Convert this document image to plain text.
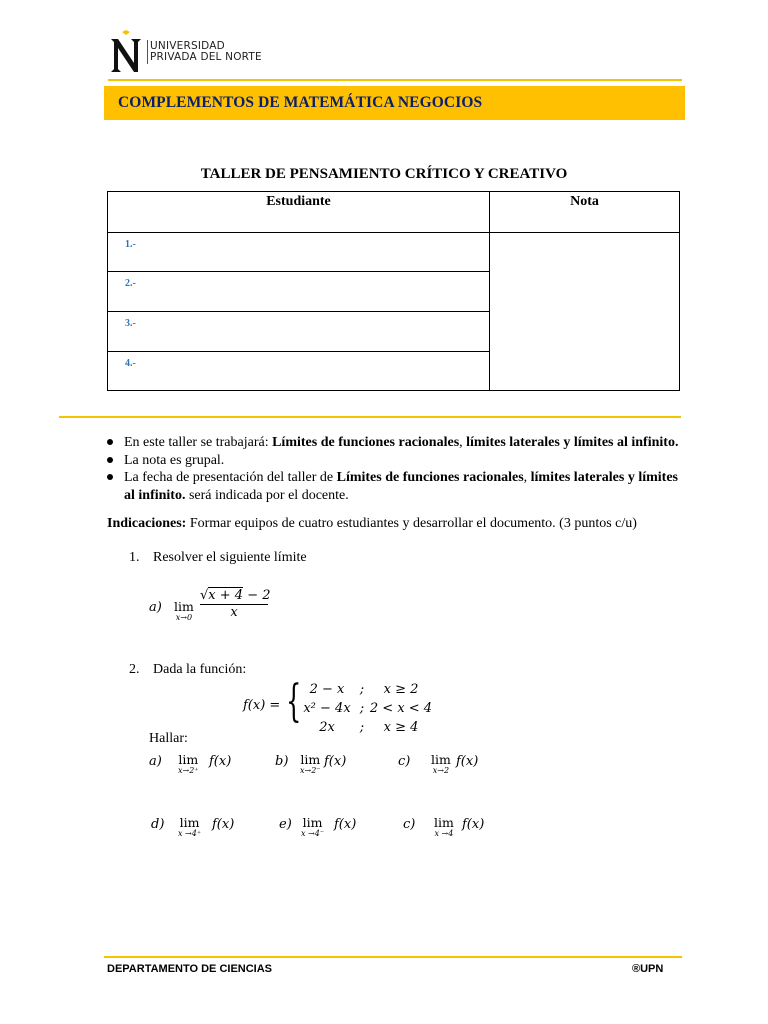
UNIVERSIDAD
PRIVADA DEL NORTE
COMPLEMENTOS DE MATEMÁTICA NEGOCIOS
TALLER DE PENSAMIENTO CRÍTICO Y CREATIVO
Estudiante	Nota
1.-	
2.-	
3.-	
4.-	
En este taller se trabajará: Límites de funciones racionales, límites laterales y límites al infinito.
La nota es grupal.
La fecha de presentación del taller de Límites de funciones racionales, límites laterales y límites al infinito. será indicada por el docente.
Indicaciones: Formar equipos de cuatro estudiantes y desarrollar el documento. (3 puntos c/u)
1. Resolver el siguiente límite
a) lim
$x\to 0 \frac{√x + 4 - 2}{x}$
2. Dada la función:
f(x) = { 2 − x ; x ≥ 2
x² − 4x ; 2 < x < 4
2x ; x ≥ 4
Hallar:
a) lim
x→2⁺
f(x)	b) lim
x→2⁻
f(x)	c) lim
x→2
f(x)
d) lim
x →4⁺
f(x)	e) lim
x →4⁻
f(x)	c) lim
x →4
f(x)
DEPARTAMENTO DE CIENCIAS	®UPN
